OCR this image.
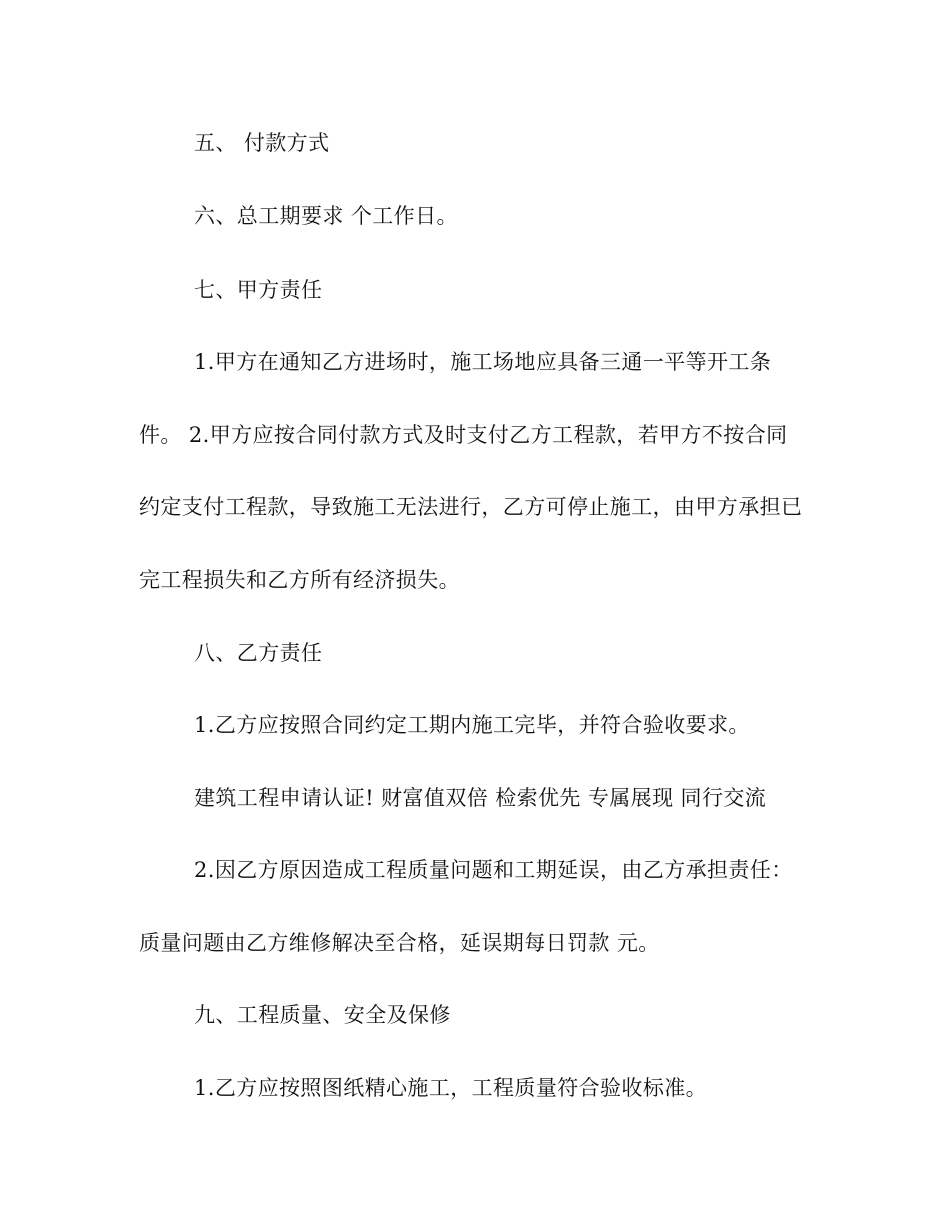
五、 付款方式

六、总工期要求 个工作日。

七、甲方责任

1.甲方在通知乙方进场时，施工场地应具备三通一平等开工条

件。 2.甲方应按合同付款方式及时支付乙方工程款，若甲方不按合同

约定支付工程款，导致施工无法进行，乙方可停止施工，由甲方承担已

完工程损失和乙方所有经济损失。

八、乙方责任

1.乙方应按照合同约定工期内施工完毕，并符合验收要求。

建筑工程申请认证! 财富值双倍 检索优先 专属展现 同行交流

2.因乙方原因造成工程质量问题和工期延误，由乙方承担责任：

质量问题由乙方维修解决至合格，延误期每日罚款 元。

九、工程质量、安全及保修

1.乙方应按照图纸精心施工，工程质量符合验收标准。
